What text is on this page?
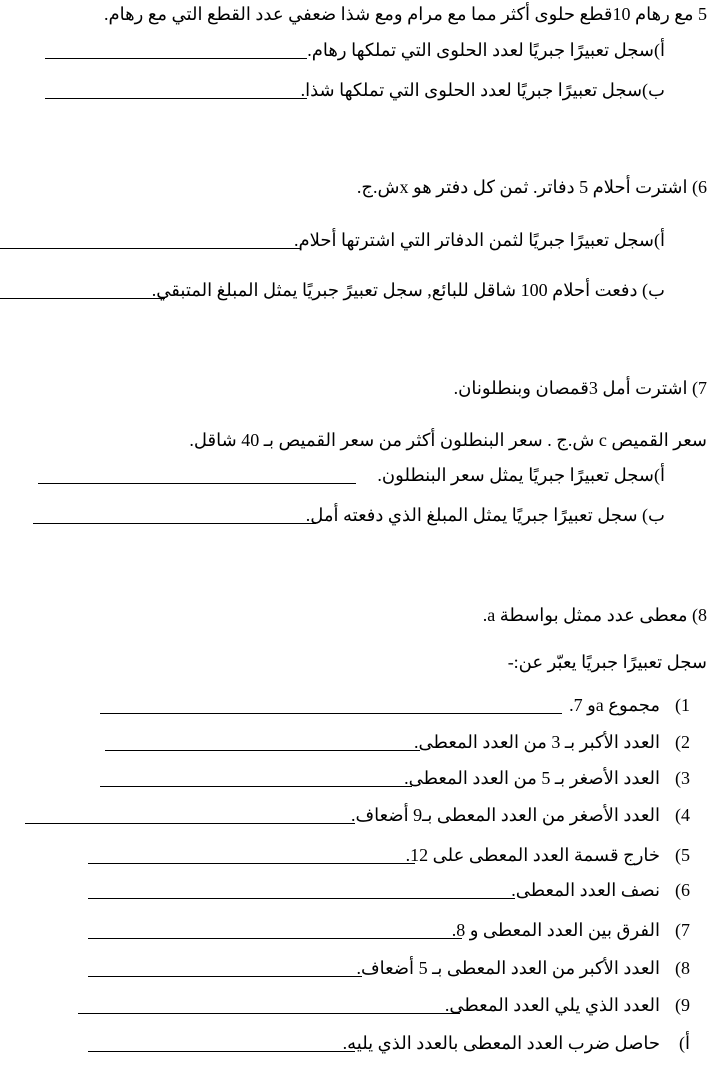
5 مع رهام 10قطع حلوى أكثر مما مع مرام ومع شذا ضعفي عدد القطع التي مع رهام.
أ)سجل تعبيرًا جبريًا لعدد الحلوى التي تملكها رهام.
ب)سجل تعبيرًا جبريًا لعدد الحلوى التي تملكها شذا.
6) اشترت أحلام 5 دفاتر. ثمن كل دفتر هو xش.ج.
أ)سجل تعبيرًا جبريًا لثمن الدفاتر التي اشترتها أحلام.
ب) دفعت أحلام 100 شاقل للبائع, سجل تعبيرً جبريًا يمثل المبلغ المتبقي.
7) اشترت أمل 3قمصان وبنطلونان.
سعر القميص c ش.ج . سعر البنطلون أكثر من سعر القميص بـ 40 شاقل.
أ)سجل تعبيرًا جبريًا يمثل سعر البنطلون.
ب) سجل تعبيرًا جبريًا يمثل المبلغ الذي دفعته أمل.
8) معطى عدد ممثل بواسطة a.
سجل تعبيرًا جبريًا يعبّر عن:-
1)
مجموع aو 7.
2)
العدد الأكبر بـ 3 من العدد المعطى.
3)
العدد الأصغر بـ 5 من العدد المعطى.
4)
العدد الأصغر من العدد المعطى بـ9 أضعاف.
5)
خارج قسمة العدد المعطى على 12.
6)
نصف العدد المعطى.
7)
الفرق بين العدد المعطى و 8.
8)
العدد الأكبر من العدد المعطى بـ 5 أضعاف.
9)
العدد الذي يلي العدد المعطى.
أ)
حاصل ضرب العدد المعطى بالعدد الذي يليه.
